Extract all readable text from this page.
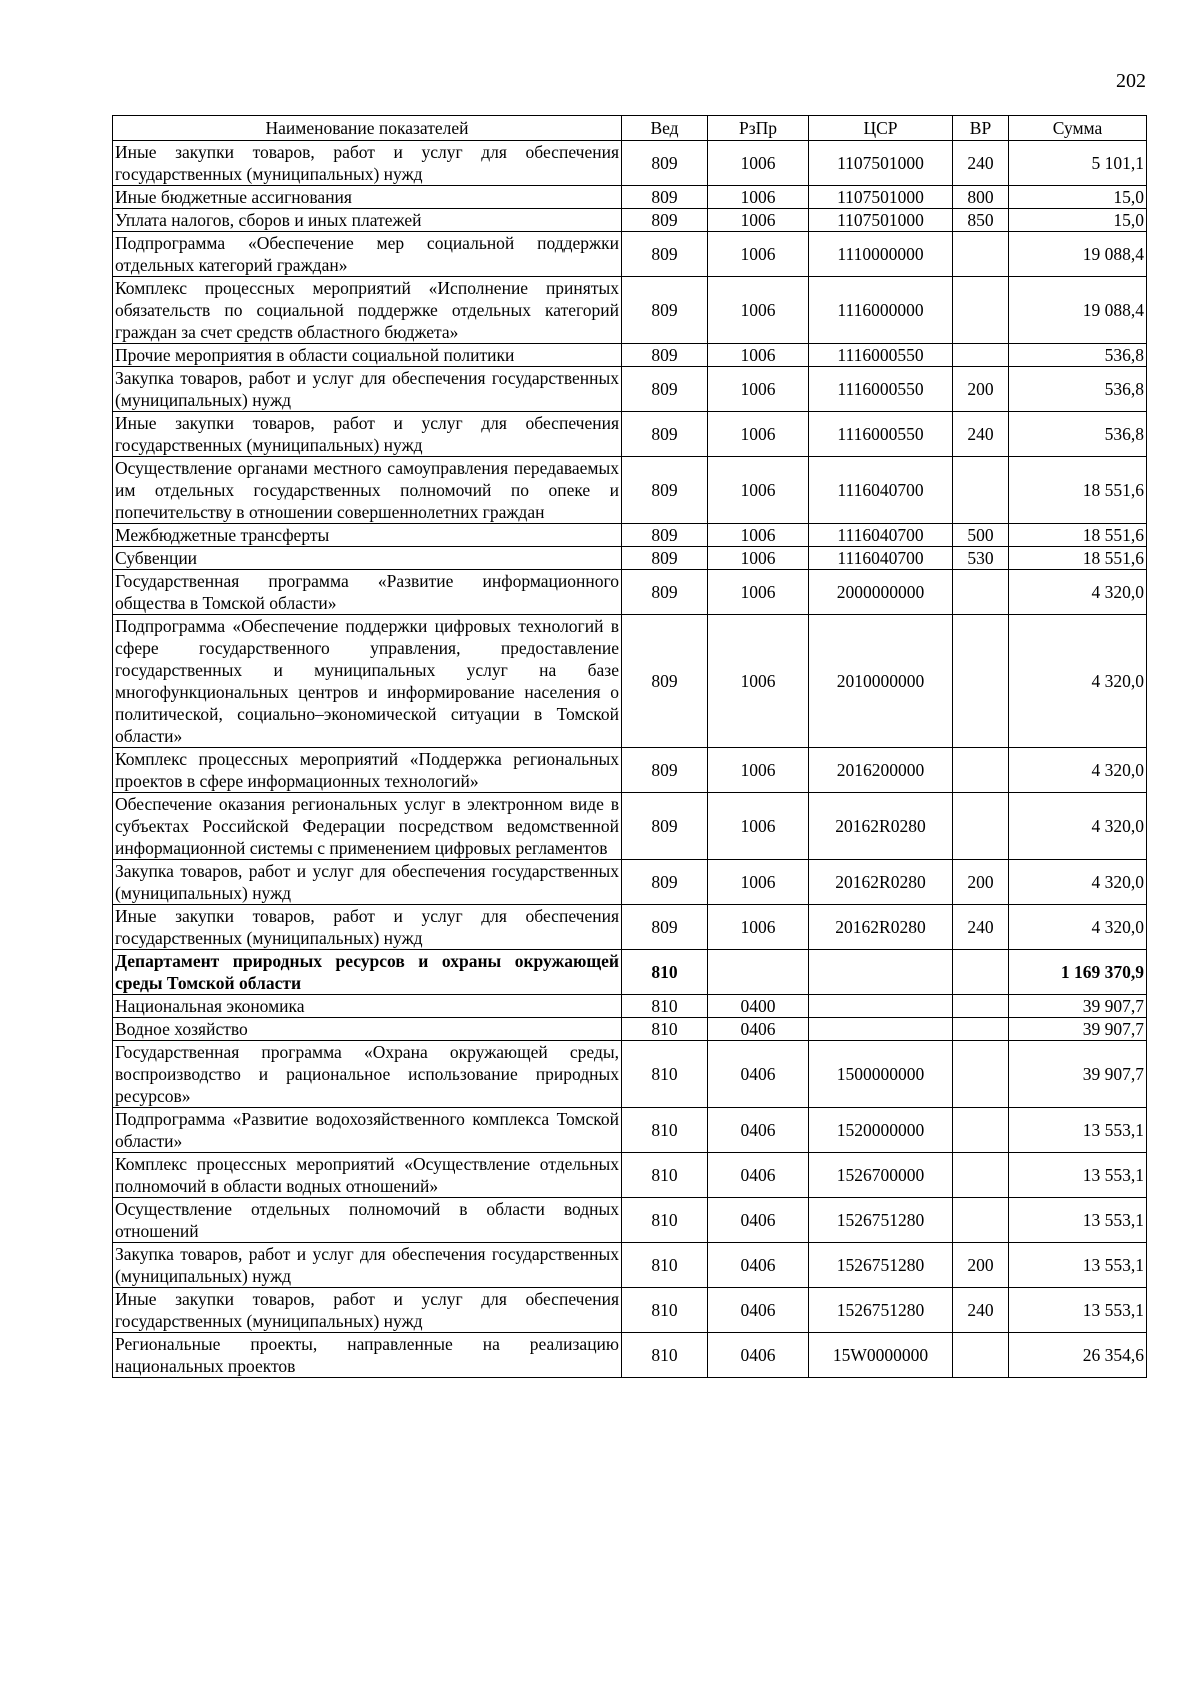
202
Наименование показателей	Вед	РзПр	ЦСР	ВР	Сумма
Иные закупки товаров, работ и услуг для обеспечения государственных (муниципальных) нужд	809	1006	1107501000	240	5 101,1
Иные бюджетные ассигнования	809	1006	1107501000	800	15,0
Уплата налогов, сборов и иных платежей	809	1006	1107501000	850	15,0
Подпрограмма «Обеспечение мер социальной поддержки отдельных категорий граждан»	809	1006	1110000000		19 088,4
Комплекс процессных мероприятий «Исполнение принятых обязательств по социальной поддержке отдельных категорий граждан за счет средств областного бюджета»	809	1006	1116000000		19 088,4
Прочие мероприятия в области социальной политики	809	1006	1116000550		536,8
Закупка товаров, работ и услуг для обеспечения государственных (муниципальных) нужд	809	1006	1116000550	200	536,8
Иные закупки товаров, работ и услуг для обеспечения государственных (муниципальных) нужд	809	1006	1116000550	240	536,8
Осуществление органами местного самоуправления передаваемых им отдельных государственных полномочий по опеке и попечительству в отношении совершеннолетних граждан	809	1006	1116040700		18 551,6
Межбюджетные трансферты	809	1006	1116040700	500	18 551,6
Субвенции	809	1006	1116040700	530	18 551,6
Государственная программа «Развитие информационного общества в Томской области»	809	1006	2000000000		4 320,0
Подпрограмма «Обеспечение поддержки цифровых технологий в сфере государственного управления, предоставление государственных и муниципальных услуг на базе многофункциональных центров и информирование населения о политической, социально–экономической ситуации в Томской области»	809	1006	2010000000		4 320,0
Комплекс процессных мероприятий «Поддержка региональных проектов в сфере информационных технологий»	809	1006	2016200000		4 320,0
Обеспечение оказания региональных услуг в электронном виде в субъектах Российской Федерации посредством ведомственной информационной системы с применением цифровых регламентов	809	1006	20162R0280		4 320,0
Закупка товаров, работ и услуг для обеспечения государственных (муниципальных) нужд	809	1006	20162R0280	200	4 320,0
Иные закупки товаров, работ и услуг для обеспечения государственных (муниципальных) нужд	809	1006	20162R0280	240	4 320,0
Департамент природных ресурсов и охраны окружающей среды Томской области	810				1 169 370,9
Национальная экономика	810	0400			39 907,7
Водное хозяйство	810	0406			39 907,7
Государственная программа «Охрана окружающей среды, воспроизводство и рациональное использование природных ресурсов»	810	0406	1500000000		39 907,7
Подпрограмма «Развитие водохозяйственного комплекса Томской области»	810	0406	1520000000		13 553,1
Комплекс процессных мероприятий «Осуществление отдельных полномочий в области водных отношений»	810	0406	1526700000		13 553,1
Осуществление отдельных полномочий в области водных отношений	810	0406	1526751280		13 553,1
Закупка товаров, работ и услуг для обеспечения государственных (муниципальных) нужд	810	0406	1526751280	200	13 553,1
Иные закупки товаров, работ и услуг для обеспечения государственных (муниципальных) нужд	810	0406	1526751280	240	13 553,1
Региональные проекты, направленные на реализацию национальных проектов	810	0406	15W0000000		26 354,6
